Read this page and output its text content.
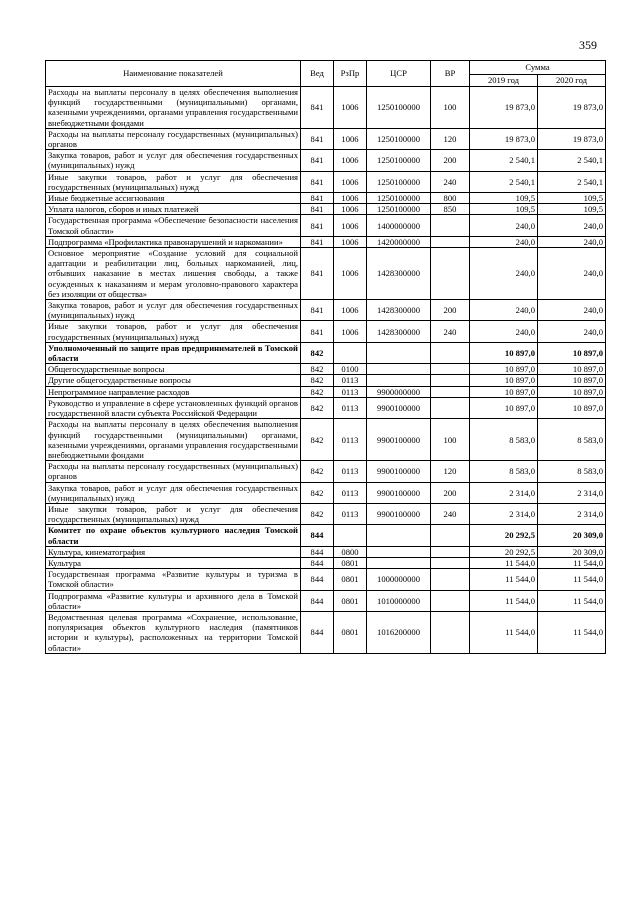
359
Наименование показателей	Вед	РзПр	ЦСР	ВР	Сумма	
					2019 год	2020 год
Расходы на выплаты персоналу в целях обеспечения выполнения функций государственными (муниципальными) органами, казенными учреждениями, органами управления государственными внебюджетными фондами	841	1006	1250100000	100	19 873,0	19 873,0
Расходы на выплаты персоналу государственных (муниципальных) органов	841	1006	1250100000	120	19 873,0	19 873,0
Закупка товаров, работ и услуг для обеспечения государственных (муниципальных) нужд	841	1006	1250100000	200	2 540,1	2 540,1
Иные закупки товаров, работ и услуг для обеспечения государственных (муниципальных) нужд	841	1006	1250100000	240	2 540,1	2 540,1
Иные бюджетные ассигнования	841	1006	1250100000	800	109,5	109,5
Уплата налогов, сборов и иных платежей	841	1006	1250100000	850	109,5	109,5
Государственная программа «Обеспечение безопасности населения Томской области»	841	1006	1400000000		240,0	240,0
Подпрограмма «Профилактика правонарушений и наркомании»	841	1006	1420000000		240,0	240,0
Основное мероприятие «Создание условий для социальной адаптации и реабилитации лиц, больных наркоманией, лиц, отбывших наказание в местах лишения свободы, а также осужденных к наказаниям и мерам уголовно-правового характера без изоляции от общества»	841	1006	1428300000		240,0	240,0
Закупка товаров, работ и услуг для обеспечения государственных (муниципальных) нужд	841	1006	1428300000	200	240,0	240,0
Иные закупки товаров, работ и услуг для обеспечения государственных (муниципальных) нужд	841	1006	1428300000	240	240,0	240,0
Уполномоченный по защите прав предпринимателей в Томской области	842				10 897,0	10 897,0
Общегосударственные вопросы	842	0100			10 897,0	10 897,0
Другие общегосударственные вопросы	842	0113			10 897,0	10 897,0
Непрограммное направление расходов	842	0113	9900000000		10 897,0	10 897,0
Руководство и управление в сфере установленных функций органов государственной власти субъекта Российской Федерации	842	0113	9900100000		10 897,0	10 897,0
Расходы на выплаты персоналу в целях обеспечения выполнения функций государственными (муниципальными) органами, казенными учреждениями, органами управления государственными внебюджетными фондами	842	0113	9900100000	100	8 583,0	8 583,0
Расходы на выплаты персоналу государственных (муниципальных) органов	842	0113	9900100000	120	8 583,0	8 583,0
Закупка товаров, работ и услуг для обеспечения государственных (муниципальных) нужд	842	0113	9900100000	200	2 314,0	2 314,0
Иные закупки товаров, работ и услуг для обеспечения государственных (муниципальных) нужд	842	0113	9900100000	240	2 314,0	2 314,0
Комитет по охране объектов культурного наследия Томской области	844				20 292,5	20 309,0
Культура, кинематография	844	0800			20 292,5	20 309,0
Культура	844	0801			11 544,0	11 544,0
Государственная программа «Развитие культуры и туризма в Томской области»	844	0801	1000000000		11 544,0	11 544,0
Подпрограмма «Развитие культуры и архивного дела в Томской области»	844	0801	1010000000		11 544,0	11 544,0
Ведомственная целевая программа «Сохранение, использование, популяризация объектов культурного наследия (памятников истории и культуры), расположенных на территории Томской области»	844	0801	1016200000		11 544,0	11 544,0
